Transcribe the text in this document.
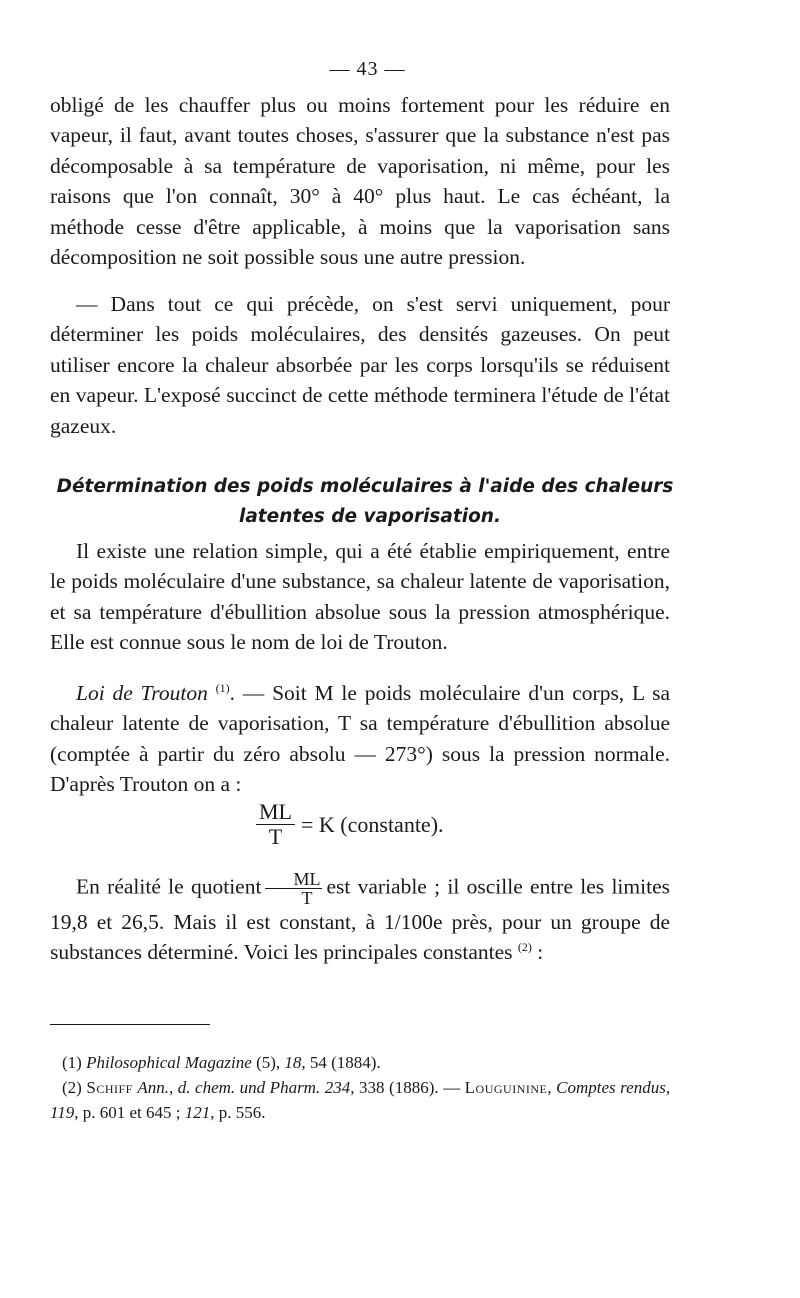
— 43 —
obligé de les chauffer plus ou moins fortement pour les réduire en vapeur, il faut, avant toutes choses, s'assurer que la substance n'est pas décomposable à sa température de vaporisation, ni même, pour les raisons que l'on connaît, 30° à 40° plus haut. Le cas échéant, la méthode cesse d'être applicable, à moins que la vaporisation sans décomposition ne soit possible sous une autre pression.
— Dans tout ce qui précède, on s'est servi uniquement, pour déterminer les poids moléculaires, des densités gazeuses. On peut utiliser encore la chaleur absorbée par les corps lorsqu'ils se réduisent en vapeur. L'exposé succinct de cette méthode terminera l'étude de l'état gazeux.
Détermination des poids moléculaires à l'aide des chaleurs
latentes de vaporisation.
Il existe une relation simple, qui a été établie empiriquement, entre le poids moléculaire d'une substance, sa chaleur latente de vaporisation, et sa température d'ébullition absolue sous la pression atmosphérique. Elle est connue sous le nom de loi de Trouton.
Loi de Trouton $^{(1)}$. — Soit M le poids moléculaire d'un corps, L sa chaleur latente de vaporisation, T sa température d'ébullition absolue (comptée à partir du zéro absolu — 273°) sous la pression normale. D'après Trouton on a :
$\frac{ML}{T} = K$ (constante).
En réalité le quotient $\frac{ML}{T}$ est variable ; il oscille entre les limites 19,8 et 26,5. Mais il est constant, à 1/100e près, pour un groupe de substances déterminé. Voici les principales constantes $^{(2)}$ :
(1) Philosophical Magazine (5), 18, 54 (1884).
(2) Schiff Ann., d. chem. und Pharm. 234, 338 (1886). — Louguinine, Comptes rendus, 119, p. 601 et 645 ; 121, p. 556.
